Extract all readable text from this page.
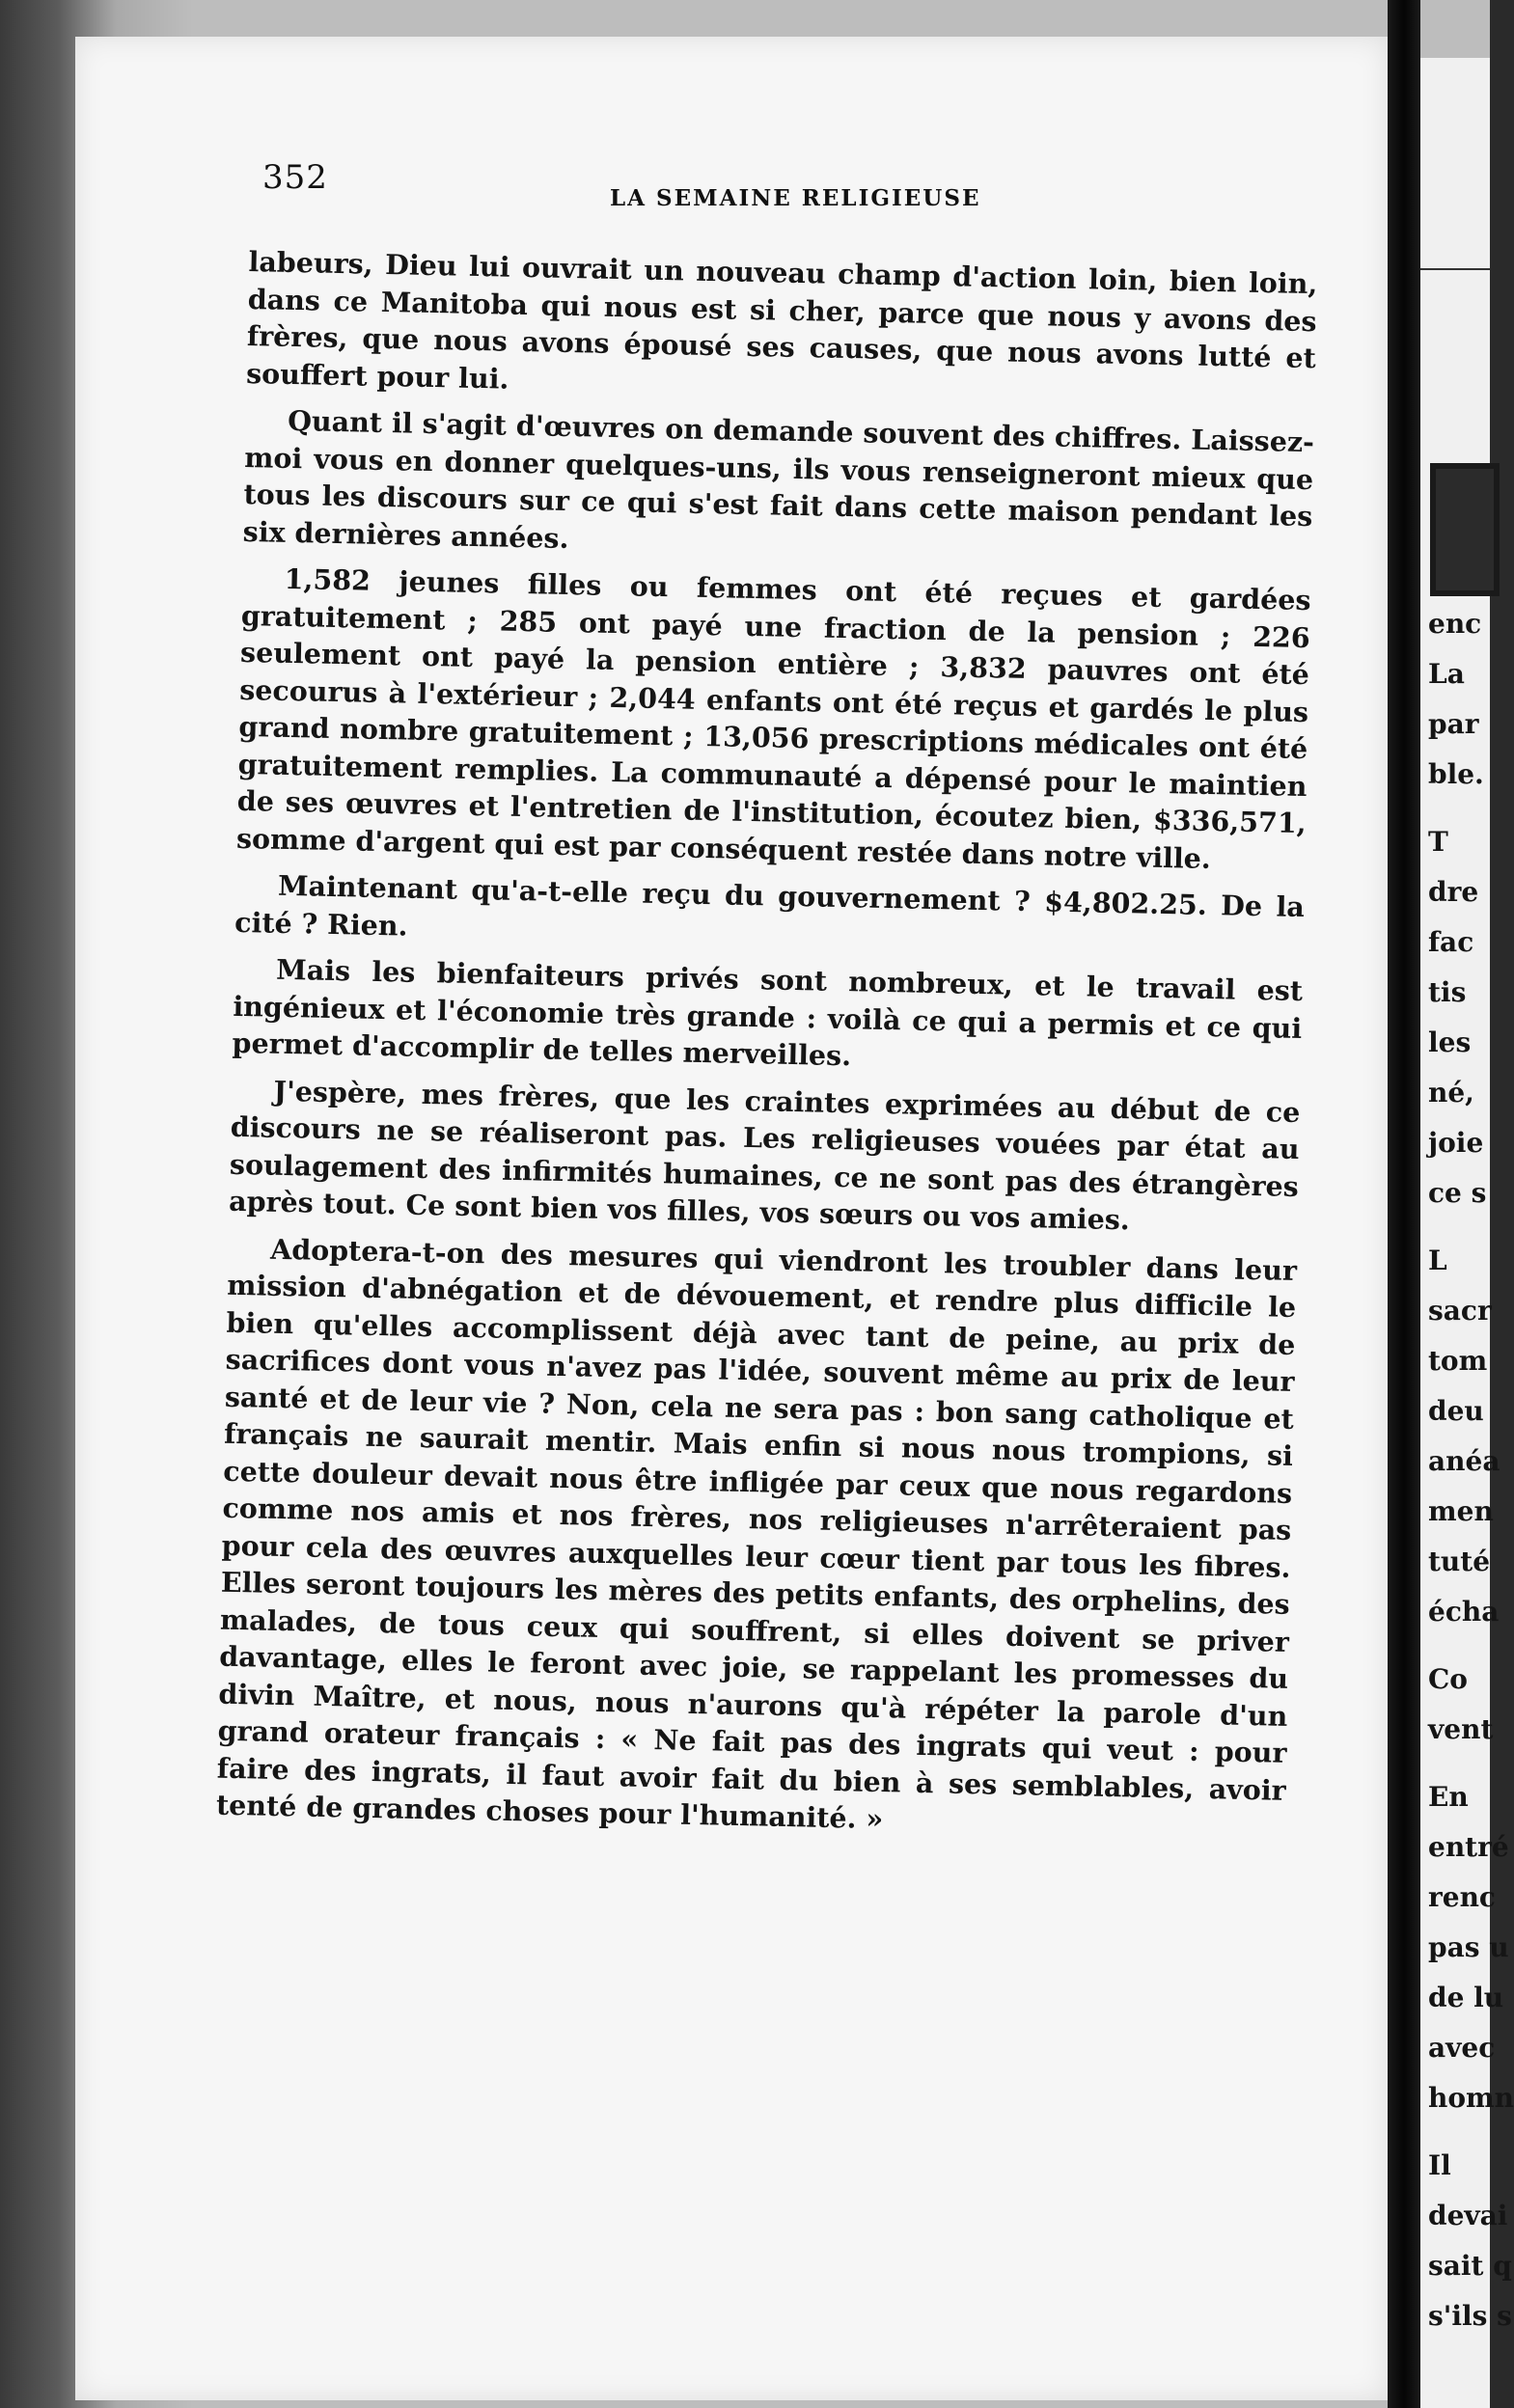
352
LA SEMAINE RELIGIEUSE

labeurs, Dieu lui ouvrait un nouveau champ d'action loin, bien loin, dans ce Manitoba qui nous est si cher, parce que nous y avons des frères, que nous avons épousé ses causes, que nous avons lutté et souffert pour lui.

Quant il s'agit d'œuvres on demande souvent des chiffres. Laissez-moi vous en donner quelques-uns, ils vous renseigneront mieux que tous les discours sur ce qui s'est fait dans cette maison pendant les six dernières années.

1,582 jeunes filles ou femmes ont été reçues et gardées gratuitement ; 285 ont payé une fraction de la pension ; 226 seulement ont payé la pension entière ; 3,832 pauvres ont été secourus à l'extérieur ; 2,044 enfants ont été reçus et gardés le plus grand nombre gratuitement ; 13,056 prescriptions médicales ont été gratuitement remplies. La communauté a dépensé pour le maintien de ses œuvres et l'entretien de l'institution, écoutez bien, $336,571, somme d'argent qui est par conséquent restée dans notre ville.

Maintenant qu'a-t-elle reçu du gouvernement ? $4,802.25. De la cité ? Rien.

Mais les bienfaiteurs privés sont nombreux, et le travail est ingénieux et l'économie très grande : voilà ce qui a permis et ce qui permet d'accomplir de telles merveilles.

J'espère, mes frères, que les craintes exprimées au début de ce discours ne se réaliseront pas. Les religieuses vouées par état au soulagement des infirmités humaines, ce ne sont pas des étrangères après tout. Ce sont bien vos filles, vos sœurs ou vos amies.

Adoptera-t-on des mesures qui viendront les troubler dans leur mission d'abnégation et de dévouement, et rendre plus difficile le bien qu'elles accomplissent déjà avec tant de peine, au prix de sacrifices dont vous n'avez pas l'idée, souvent même au prix de leur santé et de leur vie ? Non, cela ne sera pas : bon sang catholique et français ne saurait mentir. Mais enfin si nous nous trompions, si cette douleur devait nous être infligée par ceux que nous regardons comme nos amis et nos frères, nos religieuses n'arrêteraient pas pour cela des œuvres auxquelles leur cœur tient par tous les fibres. Elles seront toujours les mères des petits enfants, des orphelins, des malades, de tous ceux qui souffrent, si elles doivent se priver davantage, elles le feront avec joie, se rappelant les promesses du divin Maître, et nous, nous n'aurons qu'à répéter la parole d'un grand orateur français : « Ne fait pas des ingrats qui veut : pour faire des ingrats, il faut avoir fait du bien à ses semblables, avoir tenté de grandes choses pour l'humanité. »

enc
La
par
ble.
T
dre
fac
tis
les
né,
joie
ce s
L
sacr
tom
deu
anéa
men
tuté
écha
Co
vent
En
entré
renc
pas u
de lu
avec
homn
Il
devai
sait q
s'ils s
